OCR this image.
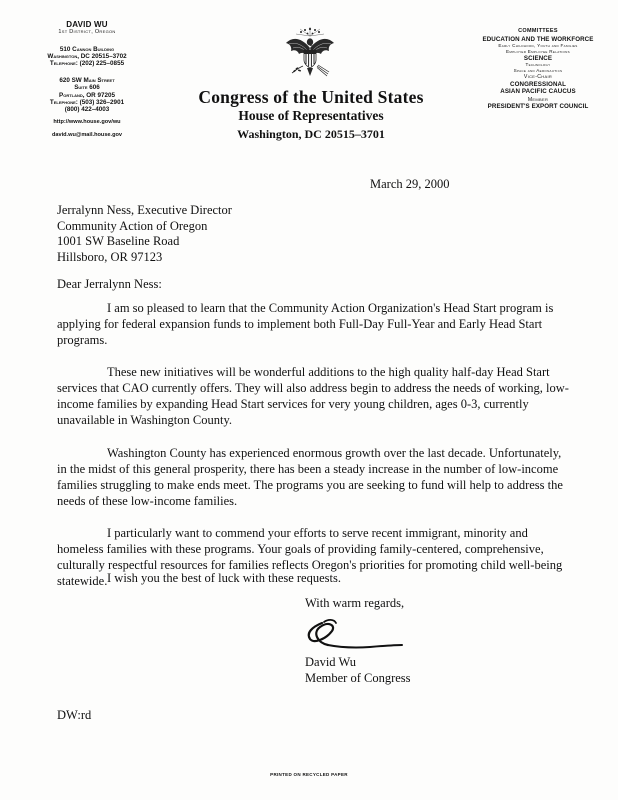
DAVID WU
1st District, Oregon
510 Cannon Building
Washington, DC 20515–3702
Telephone: (202) 225–0855
620 SW Main Street
Suite 606
Portland, OR 97205
Telephone: (503) 326–2901
(800) 422–4003
http://www.house.gov/wu
david.wu@mail.house.gov
Congress of the United States
House of Representatives
Washington, DC 20515–3701
COMMITTEES
EDUCATION AND THE WORKFORCE
Early Childhood, Youth and Families
Employer Employee Relations
SCIENCE
Technology
Space and Aeronautics
Vice-Chair
CONGRESSIONAL
ASIAN PACIFIC CAUCUS
Member
PRESIDENT'S EXPORT COUNCIL
March 29, 2000
Jerralynn Ness, Executive Director
Community Action of Oregon
1001 SW Baseline Road
Hillsboro, OR 97123
Dear Jerralynn Ness:

I am so pleased to learn that the Community Action Organization's Head Start program is applying for federal expansion funds to implement both Full-Day Full-Year and Early Head Start programs.

These new initiatives will be wonderful additions to the high quality half-day Head Start services that CAO currently offers. They will also address begin to address the needs of working, low-income families by expanding Head Start services for very young children, ages 0-3, currently unavailable in Washington County.

Washington County has experienced enormous growth over the last decade. Unfortunately, in the midst of this general prosperity, there has been a steady increase in the number of low-income families struggling to make ends meet. The programs you are seeking to fund will help to address the needs of these low-income families.

I particularly want to commend your efforts to serve recent immigrant, minority and homeless families with these programs. Your goals of providing family-centered, comprehensive, culturally respectful resources for families reflects Oregon's priorities for promoting child well-being statewide. I wish you the best of luck with these requests.

With warm regards,
David Wu
Member of Congress
DW:rd
PRINTED ON RECYCLED PAPER
